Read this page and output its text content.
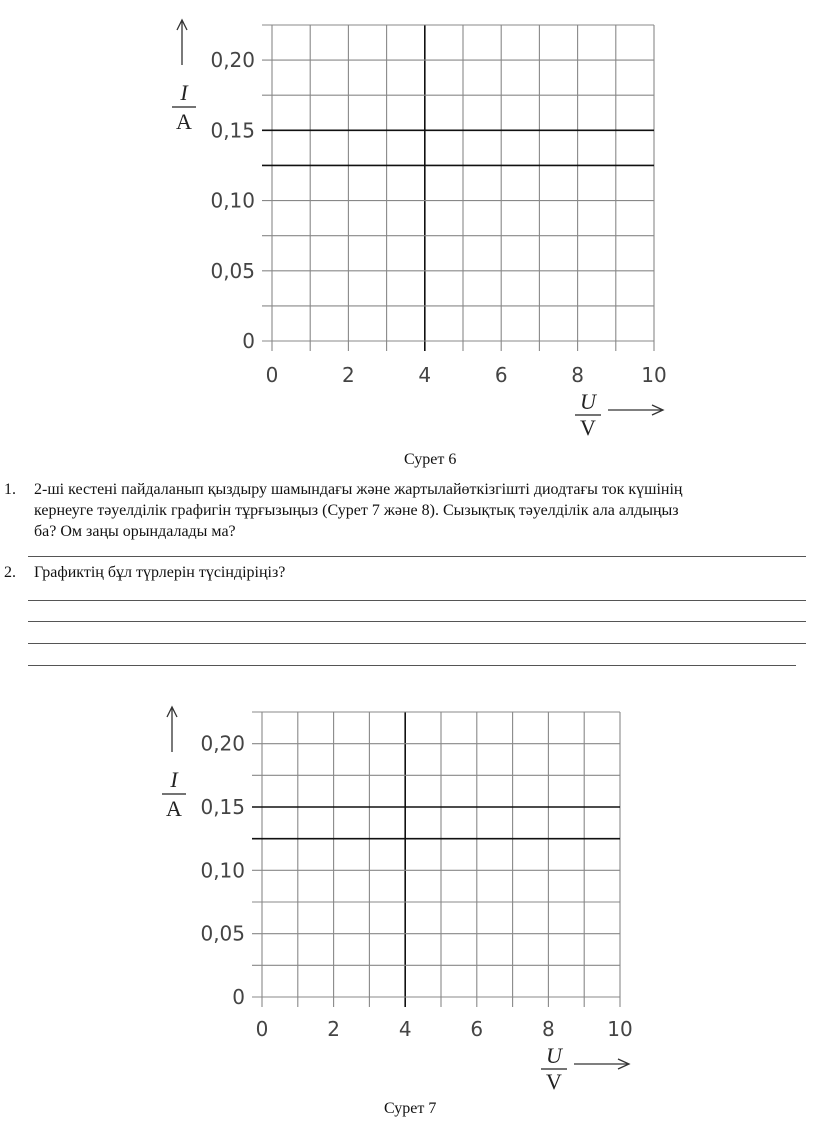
0
0,05
0,10
0,15
0,20
0	2	4	6	8	10
I
A
U
V
Сурет 6
1. 2-ші кестені пайдаланып қыздыру шамындағы және жартылайөткізгішті диодтағы ток күшінің
кернеуге тәуелділік графигін тұрғызыңыз (Сурет 7 және 8). Сызықтық тәуелділік ала алдыңыз
ба? Ом заңы орындалады ма?
2. Графиктің бұл түрлерін түсіндіріңіз?
0
0,05
0,10
0,15
0,20
0	2	4	6	8	10
I
A
U
V
Сурет 7
